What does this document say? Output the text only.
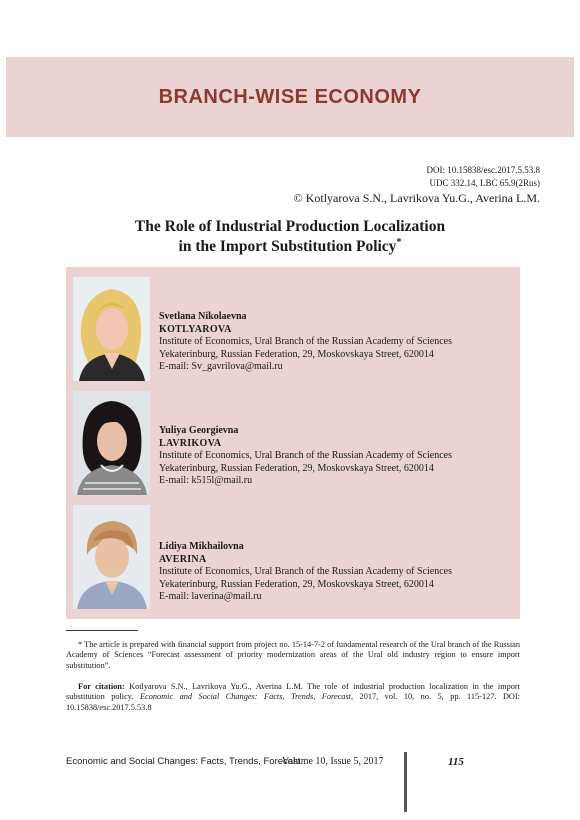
BRANCH-WISE ECONOMY
DOI: 10.15838/esc.2017.5.53.8
UDC 332.14, LBC 65.9(2Rus)
© Kotlyarova S.N., Lavrikova Yu.G., Averina L.M.
The Role of Industrial Production Localization
in the Import Substitution Policy*
Svetlana Nikolaevna
KOTLYAROVA
Institute of Economics, Ural Branch of the Russian Academy of Sciences
Yekaterinburg, Russian Federation, 29, Moskovskaya Street, 620014
E-mail: Sv_gavrilova@mail.ru
Yuliya Georgievna
LAVRIKOVA
Institute of Economics, Ural Branch of the Russian Academy of Sciences
Yekaterinburg, Russian Federation, 29, Moskovskaya Street, 620014
E-mail: k515l@mail.ru
Lidiya Mikhailovna
AVERINA
Institute of Economics, Ural Branch of the Russian Academy of Sciences
Yekaterinburg, Russian Federation, 29, Moskovskaya Street, 620014
E-mail: laverina@mail.ru
* The article is prepared with financial support from project no. 15-14-7-2 of fundamental research of the Ural branch of the Russian Academy of Sciences “Forecast assessment of priority modernization areas of the Ural old industry region to ensure import substitution”.
For citation: Kotlyarova S.N., Lavrikova Yu.G., Averina L.M. The role of industrial production localization in the import substitution policy. Economic and Social Changes: Facts, Trends, Forecast, 2017, vol. 10, no. 5, pp. 115-127. DOI: 10.15838/esc.2017.5.53.8
Economic and Social Changes: Facts, Trends, Forecast
Volume 10, Issue 5, 2017	115
